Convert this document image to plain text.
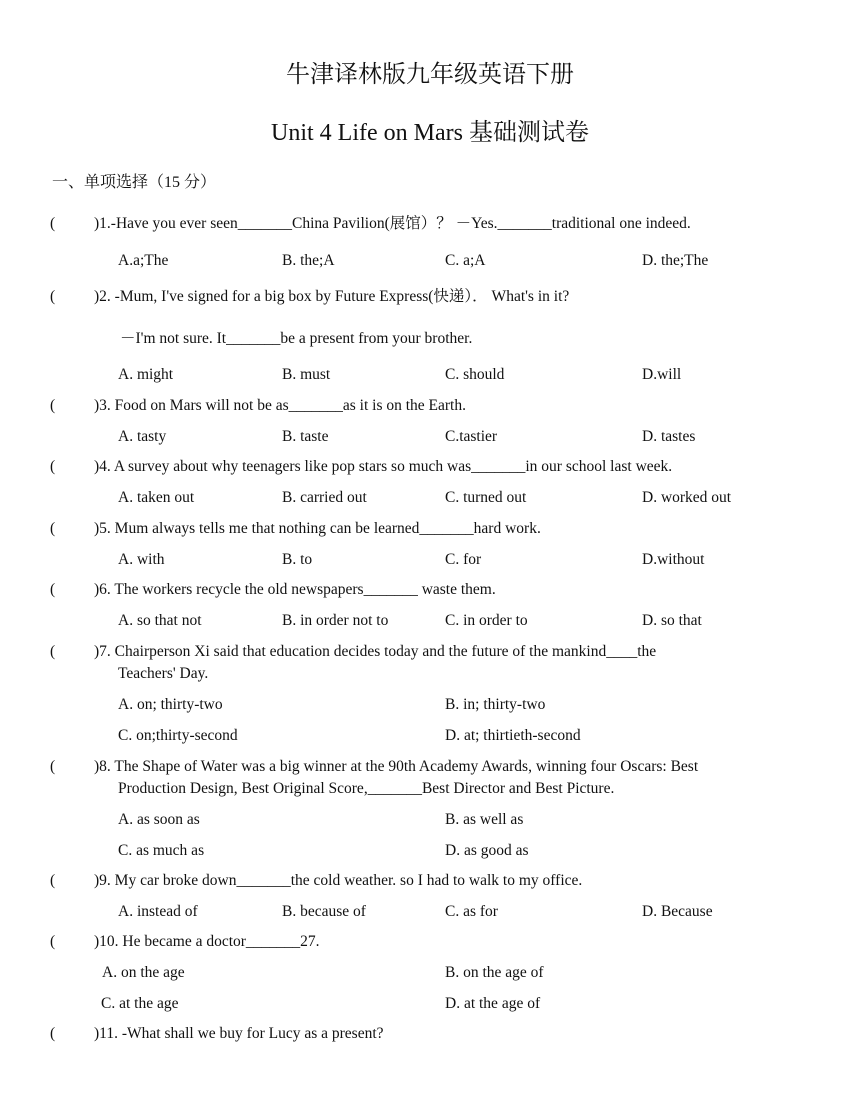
牛津译林版九年级英语下册
Unit 4 Life on Mars 基础测试卷
一、单项选择（15 分）
(	)1.-Have you ever seen_______China Pavilion(展馆）？ －Yes._______traditional one indeed.
A.a;The	B. the;A	C. a;A	D. the;The
(	)2. -Mum, I've signed for a big box by Future Express(快递）． What's in it?
－I'm not sure. It_______be a present from your brother.
A. might	B. must	C. should	D.will
(	)3. Food on Mars will not be as_______as it is on the Earth.
A. tasty	B. taste	C.tastier	D. tastes
(	)4. A survey about why teenagers like pop stars so much was_______in our school last week.
A. taken out	B. carried out	C. turned out	D. worked out
(	)5. Mum always tells me that nothing can be learned_______hard work.
A. with	B. to	C. for	D.without
(	)6. The workers recycle the old newspapers_______ waste them.
A. so that not	B. in order not to	C. in order to	D. so that
(	)7. Chairperson Xi said that education decides today and the future of the mankind____the
Teachers' Day.
A. on; thirty-two	B. in; thirty-two
C. on;thirty-second	D. at; thirtieth-second
(	)8. The Shape of Water was a big winner at the 90th Academy Awards, winning four Oscars: Best
Production Design, Best Original Score,_______Best Director and Best Picture.
A. as soon as	B. as well as
C. as much as	D. as good as
(	)9. My car broke down_______the cold weather. so I had to walk to my office.
A. instead of	B. because of	C. as for	D. Because
(	)10. He became a doctor_______27.
A. on the age	B. on the age of
C. at the age	D. at the age of
(	)11. -What shall we buy for Lucy as a present?
